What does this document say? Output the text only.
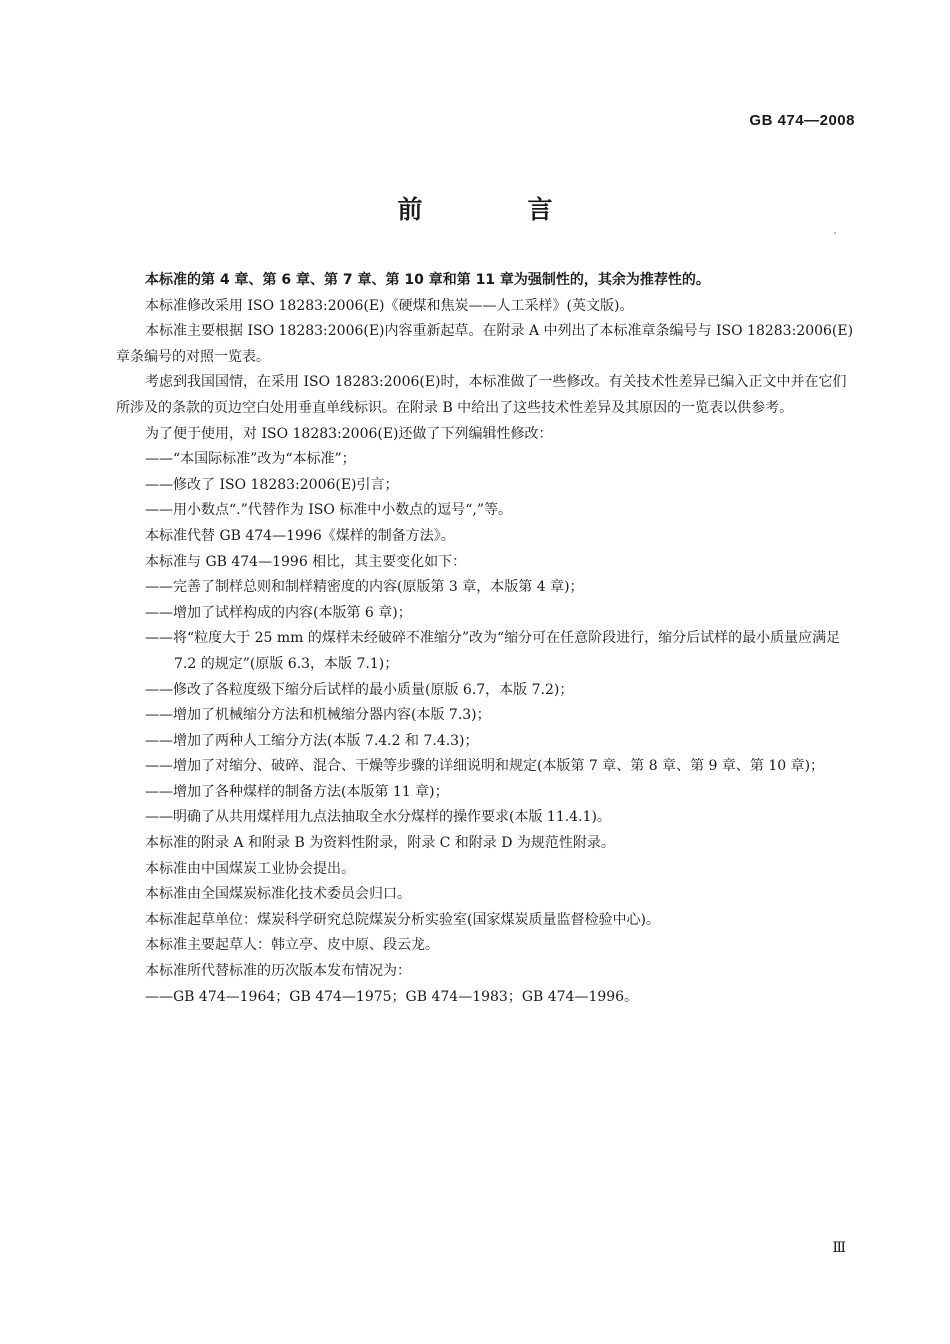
GB 474—2008
前　言

本标准的第 4 章、第 6 章、第 7 章、第 10 章和第 11 章为强制性的，其余为推荐性的。

本标准修改采用 ISO 18283:2006(E)《硬煤和焦炭——人工采样》(英文版)。

本标准主要根据 ISO 18283:2006(E)内容重新起草。在附录 A 中列出了本标准章条编号与 ISO 18283:2006(E)章条编号的对照一览表。

考虑到我国国情，在采用 ISO 18283:2006(E)时，本标准做了一些修改。有关技术性差异已编入正文中并在它们所涉及的条款的页边空白处用垂直单线标识。在附录 B 中给出了这些技术性差异及其原因的一览表以供参考。

为了便于使用，对 ISO 18283:2006(E)还做了下列编辑性修改：

——“本国际标准”改为“本标准”；

——修改了 ISO 18283:2006(E)引言；

——用小数点“.”代替作为 ISO 标准中小数点的逗号“,”等。

本标准代替 GB 474—1996《煤样的制备方法》。

本标准与 GB 474—1996 相比，其主要变化如下：

——完善了制样总则和制样精密度的内容(原版第 3 章，本版第 4 章)；

——增加了试样构成的内容(本版第 6 章)；

——将“粒度大于 25 mm 的煤样未经破碎不准缩分”改为“缩分可在任意阶段进行，缩分后试样的最小质量应满足 7.2 的规定”(原版 6.3，本版 7.1)；

——修改了各粒度级下缩分后试样的最小质量(原版 6.7，本版 7.2)；

——增加了机械缩分方法和机械缩分器内容(本版 7.3)；

——增加了两种人工缩分方法(本版 7.4.2 和 7.4.3)；

——增加了对缩分、破碎、混合、干燥等步骤的详细说明和规定(本版第 7 章、第 8 章、第 9 章、第 10 章)；

——增加了各种煤样的制备方法(本版第 11 章)；

——明确了从共用煤样用九点法抽取全水分煤样的操作要求(本版 11.4.1)。

本标准的附录 A 和附录 B 为资料性附录，附录 C 和附录 D 为规范性附录。

本标准由中国煤炭工业协会提出。

本标准由全国煤炭标准化技术委员会归口。

本标准起草单位：煤炭科学研究总院煤炭分析实验室(国家煤炭质量监督检验中心)。

本标准主要起草人：韩立亭、皮中原、段云龙。

本标准所代替标准的历次版本发布情况为：

——GB 474—1964；GB 474—1975；GB 474—1983；GB 474—1996。

Ⅲ
